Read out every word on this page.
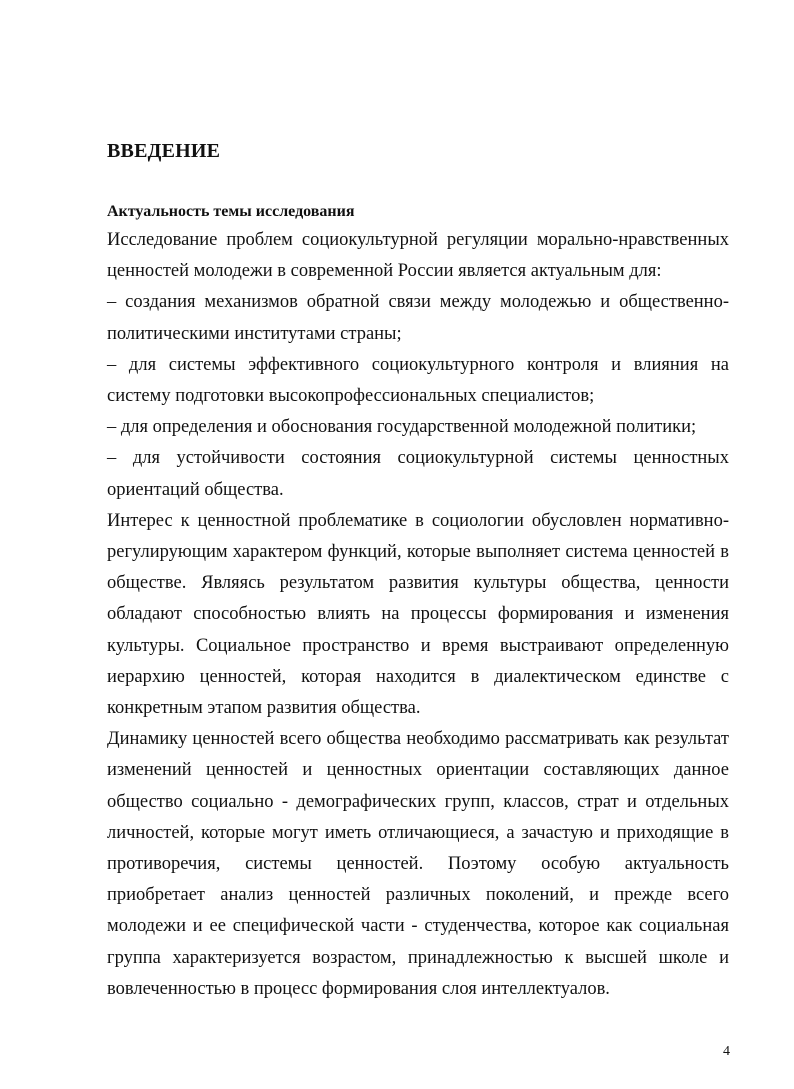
ВВЕДЕНИЕ
Актуальность темы исследования

Исследование проблем социокультурной регуляции морально-нравственных ценностей молодежи в современной России является актуальным для:

– создания механизмов обратной связи между молодежью и общественно-политическими институтами страны;

– для системы эффективного социокультурного контроля и влияния на систему подготовки высокопрофессиональных специалистов;

– для определения и обоснования государственной молодежной политики;

– для устойчивости состояния социокультурной системы ценностных ориентаций общества.

Интерес к ценностной проблематике в социологии обусловлен нормативно-регулирующим характером функций, которые выполняет система ценностей в обществе. Являясь результатом развития культуры общества, ценности обладают способностью влиять на процессы формирования и изменения культуры. Социальное пространство и время выстраивают определенную иерархию ценностей, которая находится в диалектическом единстве с конкретным этапом развития общества.

Динамику ценностей всего общества необходимо рассматривать как результат изменений ценностей и ценностных ориентации составляющих данное общество социально - демографических групп, классов, страт и отдельных личностей, которые могут иметь отличающиеся, а зачастую и приходящие в противоречия, системы ценностей. Поэтому особую актуальность приобретает анализ ценностей различных поколений, и прежде всего молодежи и ее специфической части - студенчества, которое как социальная группа характеризуется возрастом, принадлежностью к высшей школе и вовлеченностью в процесс формирования слоя интеллектуалов.

4
